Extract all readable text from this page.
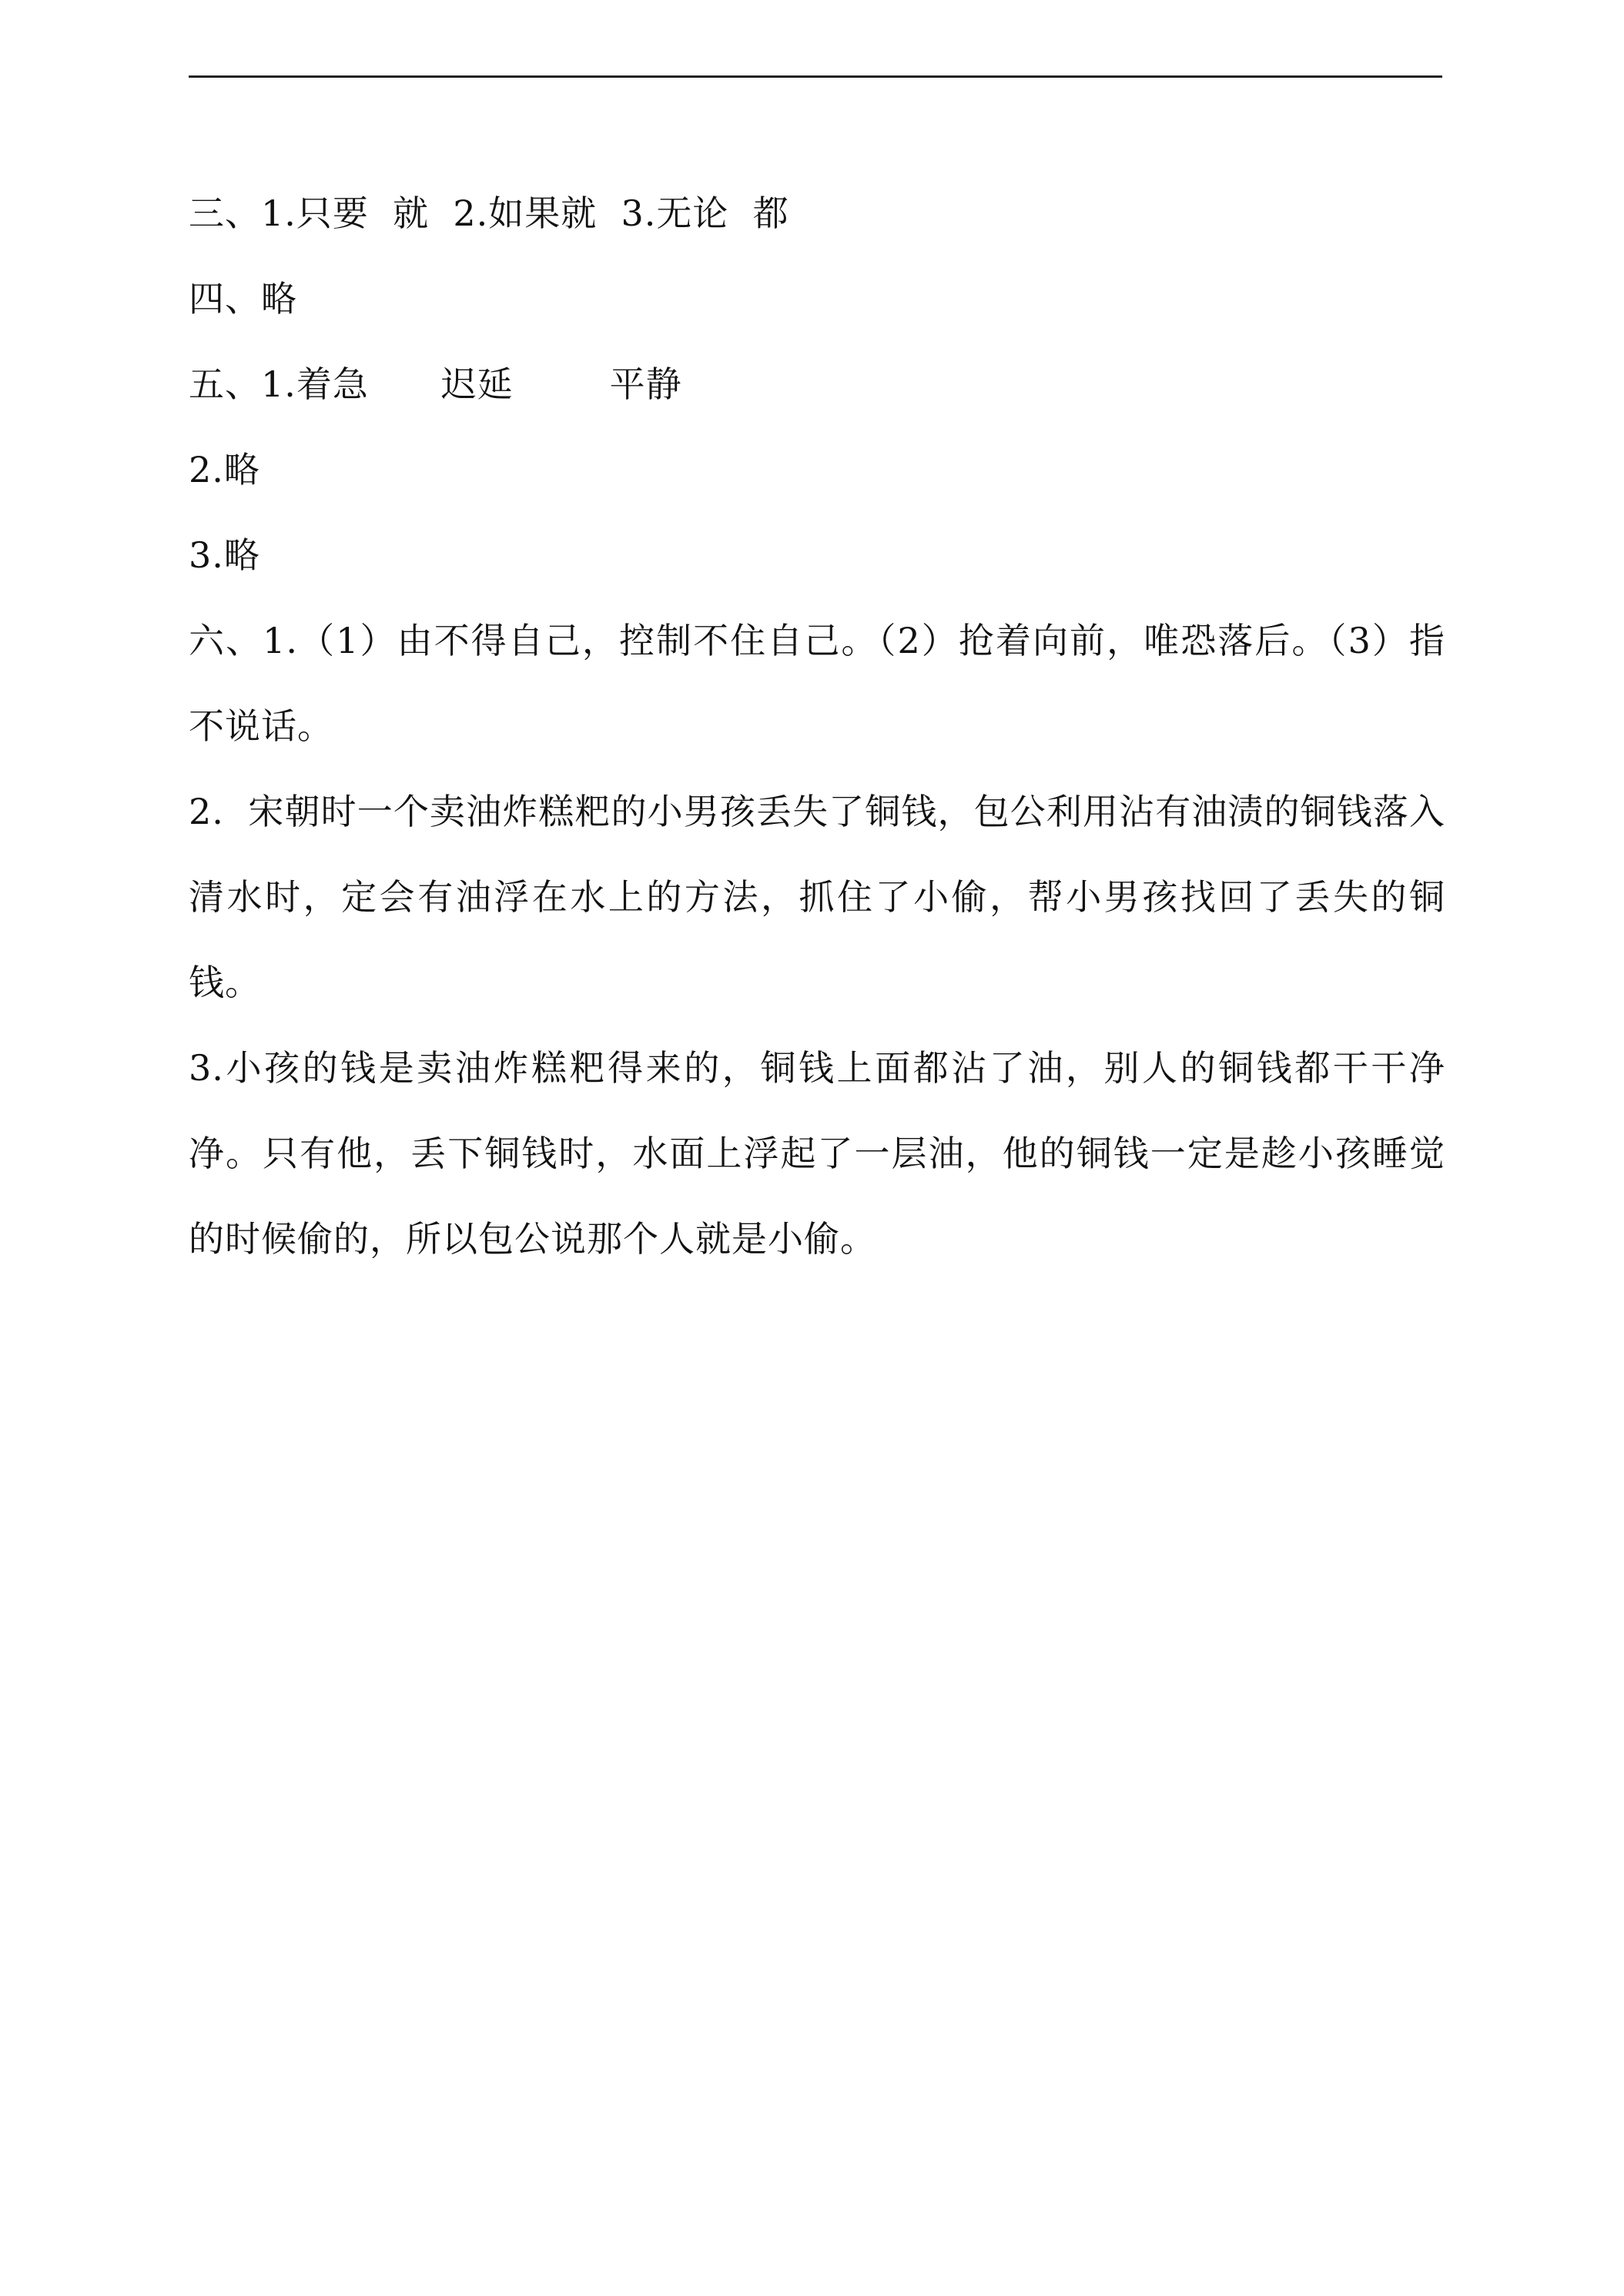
三、1.只要  就  2.如果就  3.无论  都

四、略

五、1.着急      迟延        平静

2.略

3.略

六、1.（1）由不得自己，控制不住自己。（2）抢着向前，唯恐落后。（3）指不说话。

2.  宋朝时一个卖油炸糕粑的小男孩丢失了铜钱，包公利用沾有油渍的铜钱落入清水时，定会有油浮在水上的方法，抓住了小偷，帮小男孩找回了丢失的铜钱。

3.小孩的钱是卖油炸糕粑得来的，铜钱上面都沾了油，别人的铜钱都干干净净。只有他，丢下铜钱时，水面上浮起了一层油，他的铜钱一定是趁小孩睡觉的时候偷的，所以包公说那个人就是小偷。
